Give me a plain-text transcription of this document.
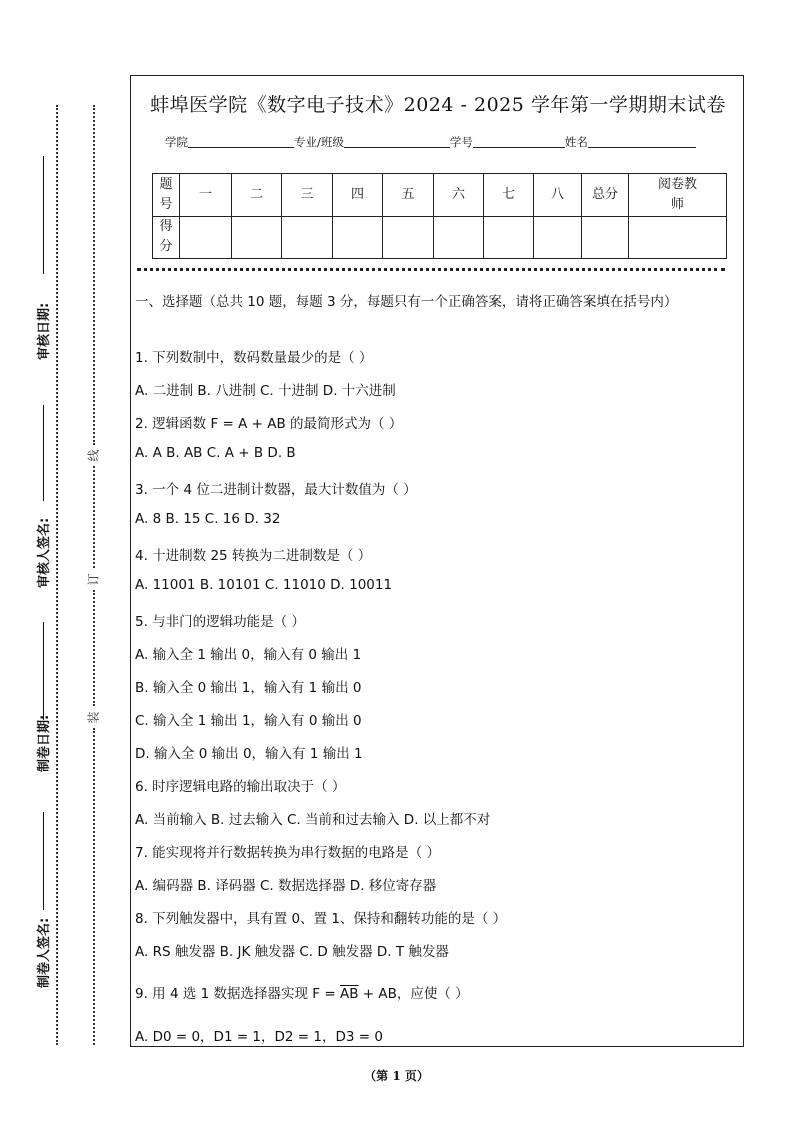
审核日期:
审核人签名:
制卷日期:
制卷人签名:
线
订
装
蚌埠医学院《数字电子技术》2024 - 2025 学年第一学期期末试卷
学院	专业/班级	学号	姓名
题号	一	二	三	四	五	六	七	八	总分	阅卷教师
得分										
一、选择题（总共 10 题，每题 3 分，每题只有一个正确答案，请将正确答案填在括号内）
1. 下列数制中，数码数量最少的是（ ）
A. 二进制 B. 八进制 C. 十进制 D. 十六进制
2. 逻辑函数 F = A + AB 的最简形式为（ ）
A. A B. AB C. A + B D. B
3. 一个 4 位二进制计数器，最大计数值为（ ）
A. 8 B. 15 C. 16 D. 32
4. 十进制数 25 转换为二进制数是（ ）
A. 11001 B. 10101 C. 11010 D. 10011
5. 与非门的逻辑功能是（ ）
A. 输入全 1 输出 0，输入有 0 输出 1
B. 输入全 0 输出 1，输入有 1 输出 0
C. 输入全 1 输出 1，输入有 0 输出 0
D. 输入全 0 输出 0，输入有 1 输出 1
6. 时序逻辑电路的输出取决于（ ）
A. 当前输入 B. 过去输入 C. 当前和过去输入 D. 以上都不对
7. 能实现将并行数据转换为串行数据的电路是（ ）
A. 编码器 B. 译码器 C. 数据选择器 D. 移位寄存器
8. 下列触发器中，具有置 0、置 1、保持和翻转功能的是（ ）
A. RS 触发器 B. JK 触发器 C. D 触发器 D. T 触发器
9. 用 4 选 1 数据选择器实现 $F = \overline{A}\overline{B}$ + AB，应使（ ）
A. D0 = 0，D1 = 1，D2 = 1，D3 = 0
（第 1 页）
